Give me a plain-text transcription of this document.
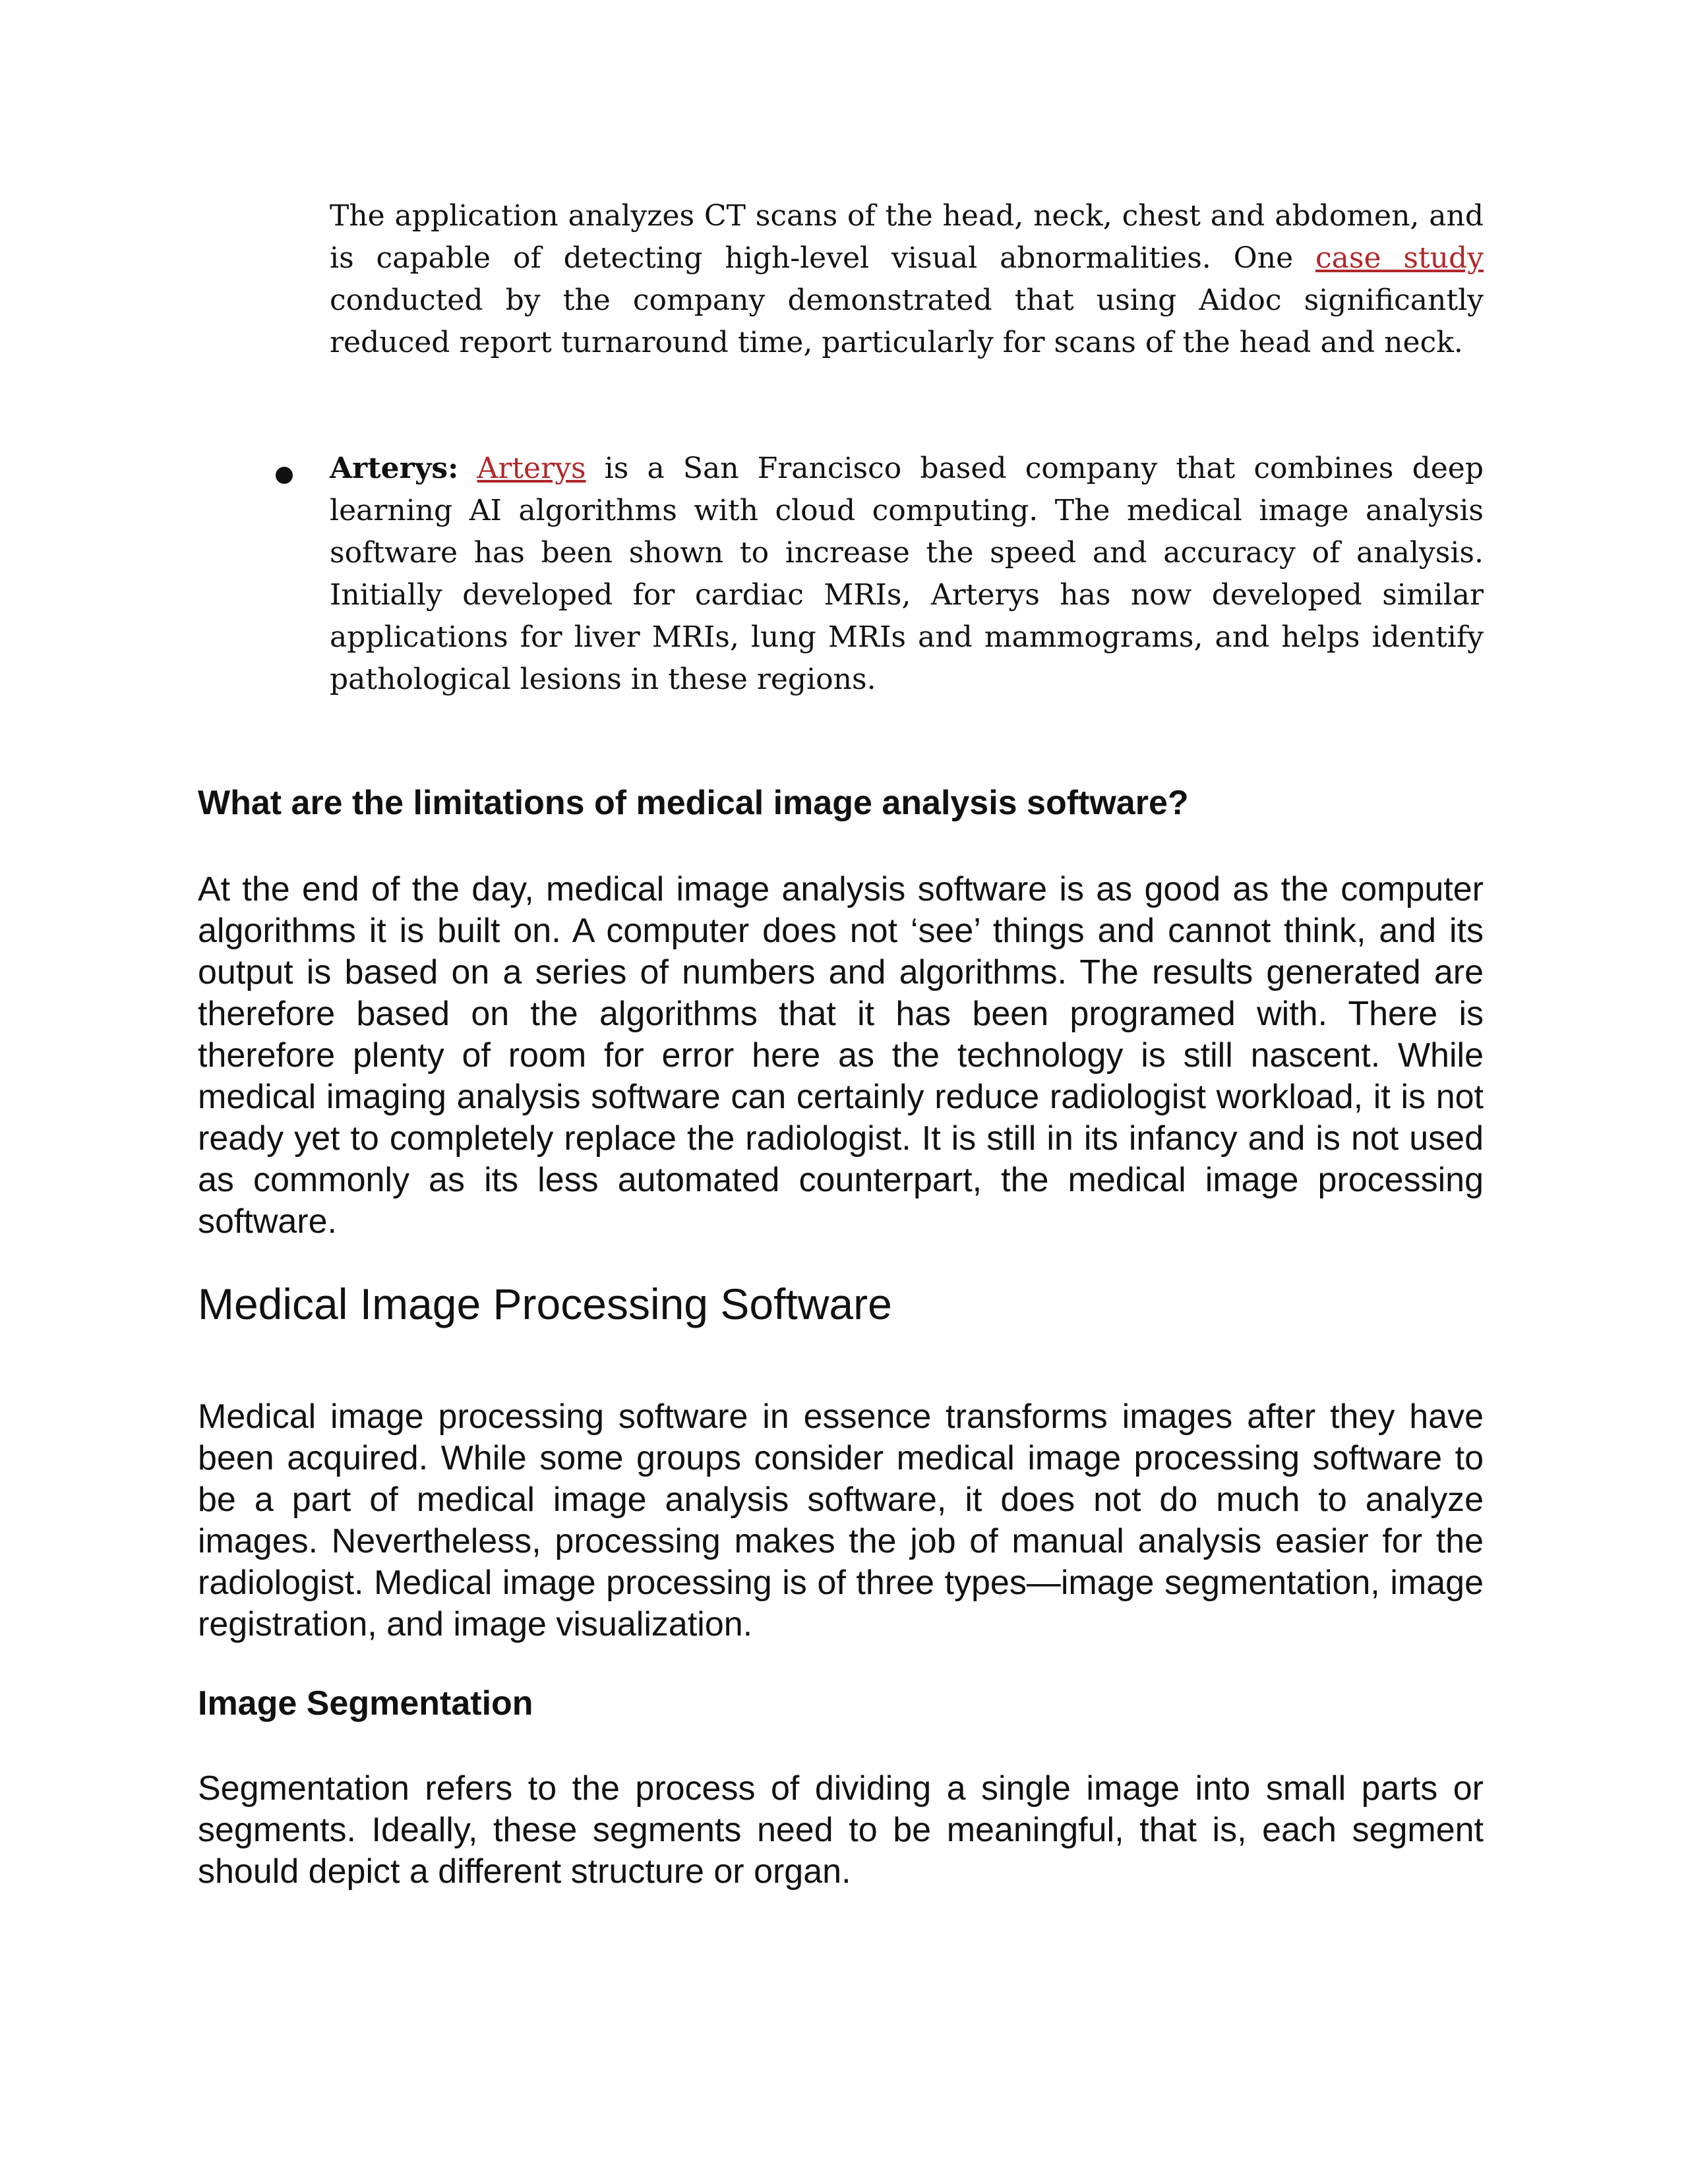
The application analyzes CT scans of the head, neck, chest and abdomen, and is capable of detecting high-level visual abnormalities. One case study conducted by the company demonstrated that using Aidoc significantly reduced report turnaround time, particularly for scans of the head and neck.

Arterys: Arterys is a San Francisco based company that combines deep learning AI algorithms with cloud computing. The medical image analysis software has been shown to increase the speed and accuracy of analysis. Initially developed for cardiac MRIs, Arterys has now developed similar applications for liver MRIs, lung MRIs and mammograms, and helps identify pathological lesions in these regions.

What are the limitations of medical image analysis software?

At the end of the day, medical image analysis software is as good as the computer algorithms it is built on. A computer does not ‘see’ things and cannot think, and its output is based on a series of numbers and algorithms. The results generated are therefore based on the algorithms that it has been programed with. There is therefore plenty of room for error here as the technology is still nascent. While medical imaging analysis software can certainly reduce radiologist workload, it is not ready yet to completely replace the radiologist. It is still in its infancy and is not used as commonly as its less automated counterpart, the medical image processing software.

Medical Image Processing Software

Medical image processing software in essence transforms images after they have been acquired. While some groups consider medical image processing software to be a part of medical image analysis software, it does not do much to analyze images. Nevertheless, processing makes the job of manual analysis easier for the radiologist. Medical image processing is of three types—image segmentation, image registration, and image visualization.

Image Segmentation

Segmentation refers to the process of dividing a single image into small parts or segments. Ideally, these segments need to be meaningful, that is, each segment should depict a different structure or organ.
